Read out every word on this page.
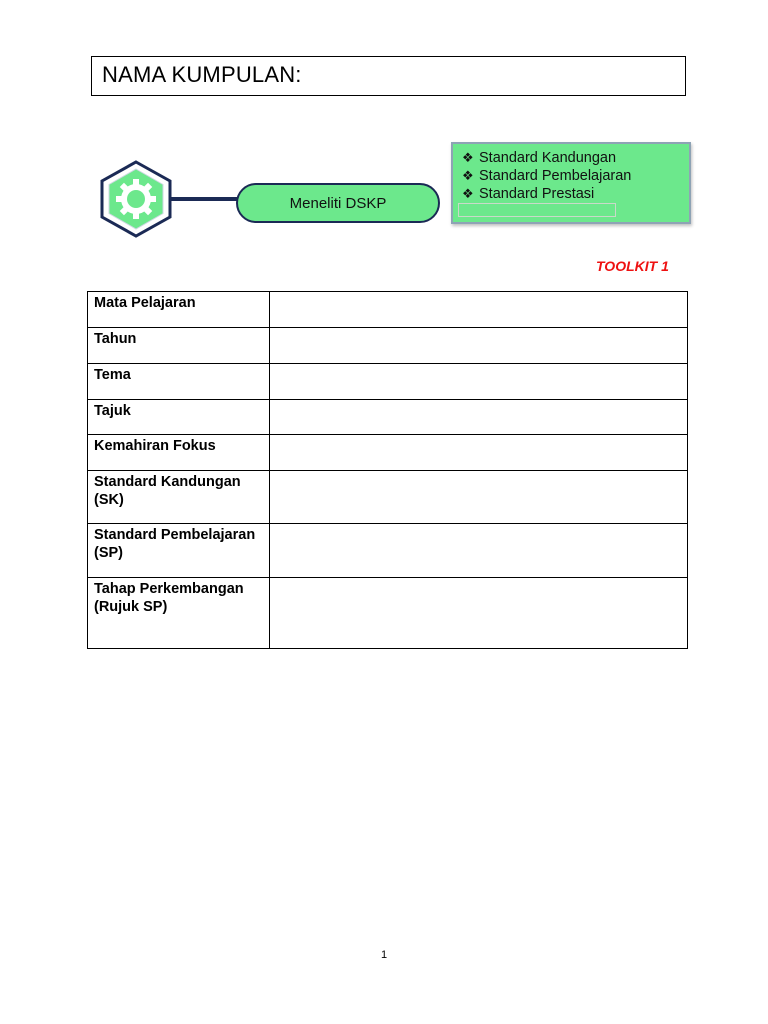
NAMA KUMPULAN:
Meneliti DSKP
❖ Standard Kandungan
❖ Standard Pembelajaran
❖ Standard Prestasi
TOOLKIT 1
Mata Pelajaran	
Tahun	
Tema	
Tajuk	
Kemahiran Fokus	
Standard Kandungan (SK)	
Standard Pembelajaran (SP)	
Tahap Perkembangan (Rujuk SP)	
1
